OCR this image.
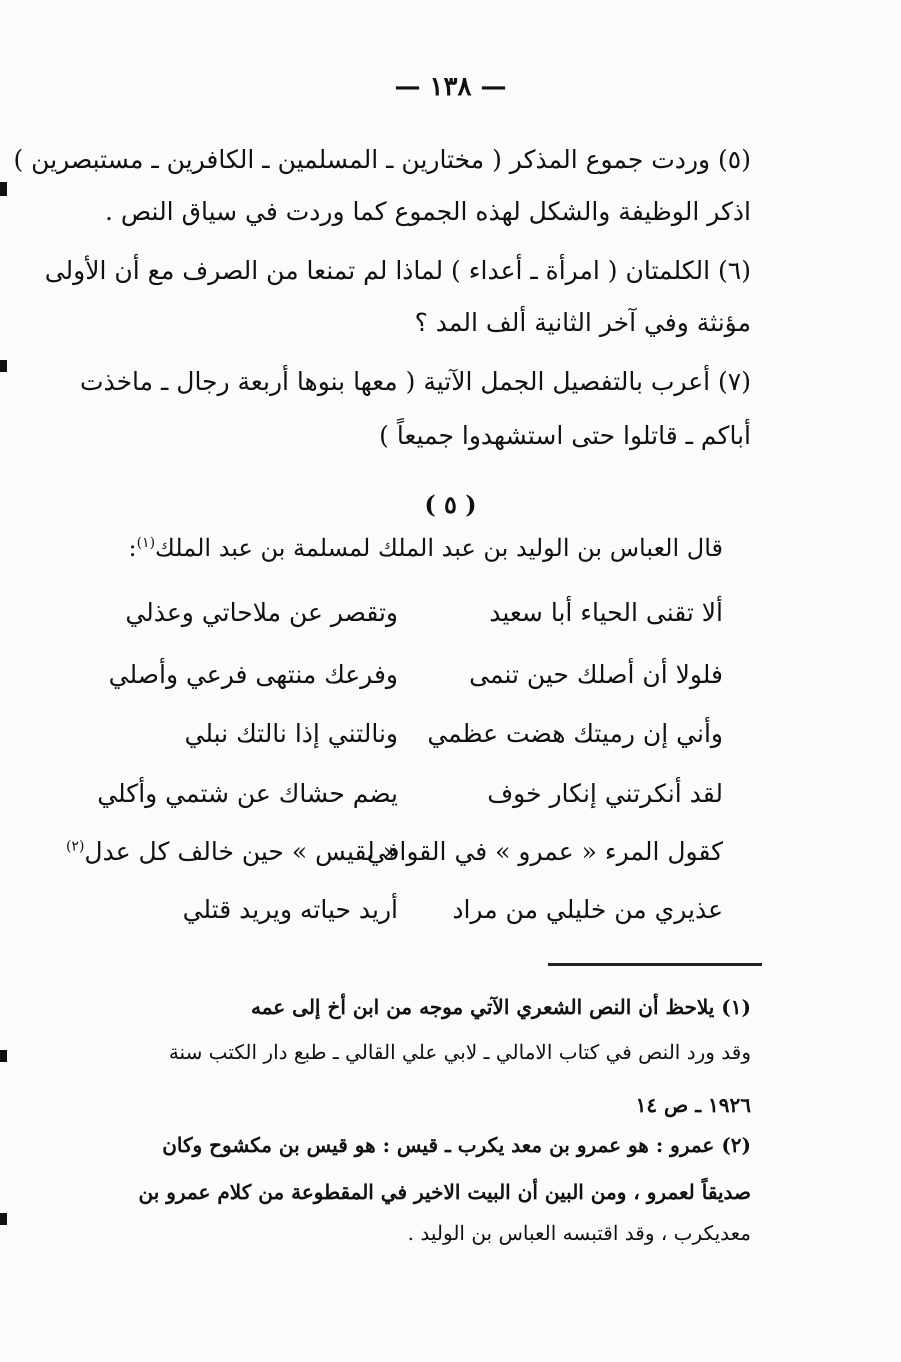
— ١٣٨ —
(٥) وردت جموع المذكر ( مختارين ـ المسلمين ـ الكافرين ـ مستبصرين )
اذكر الوظيفة والشكل لهذه الجموع كما وردت في سياق النص .
(٦) الكلمتان ( امرأة ـ أعداء ) لماذا لم تمنعا من الصرف مع أن الأولى
مؤنثة وفي آخر الثانية ألف المد ؟
(٧) أعرب بالتفصيل الجمل الآتية ( معها بنوها أربعة رجال ـ ماخذت
أباكم ـ قاتلوا حتى استشهدوا جميعاً )
( ٥ )
قال العباس بن الوليد بن عبد الملك لمسلمة بن عبد الملك$^{(١)}$:
ألا تقنى الحياء أبا سعيد
وتقصر عن ملاحاتي وعذلي
فلولا أن أصلك حين تنمى
وفرعك منتهى فرعي وأصلي
وأني إن رميتك هضت عظمي
ونالتني إذا نالتك نبلي
لقد أنكرتني إنكار خوف
يضم حشاك عن شتمي وأكلي
كقول المرء « عمرو » في القوافي
« لقيس » حين خالف كل عدل$^{(٢)}$
عذيري من خليلي من مراد
أريد حياته ويريد قتلي
(١) يلاحظ أن النص الشعري الآتي موجه من ابن أخ إلى عمه
وقد ورد النص في كتاب الامالي ـ لابي علي القالي ـ طبع دار الكتب سنة
١٩٢٦ ـ ص ١٤
(٢) عمرو : هو عمرو بن معد يكرب ـ قيس : هو قيس بن مكشوح وكان
صديقاً لعمرو ، ومن البين أن البيت الاخير في المقطوعة من كلام عمرو بن
معديكرب ، وقد اقتبسه العباس بن الوليد .
